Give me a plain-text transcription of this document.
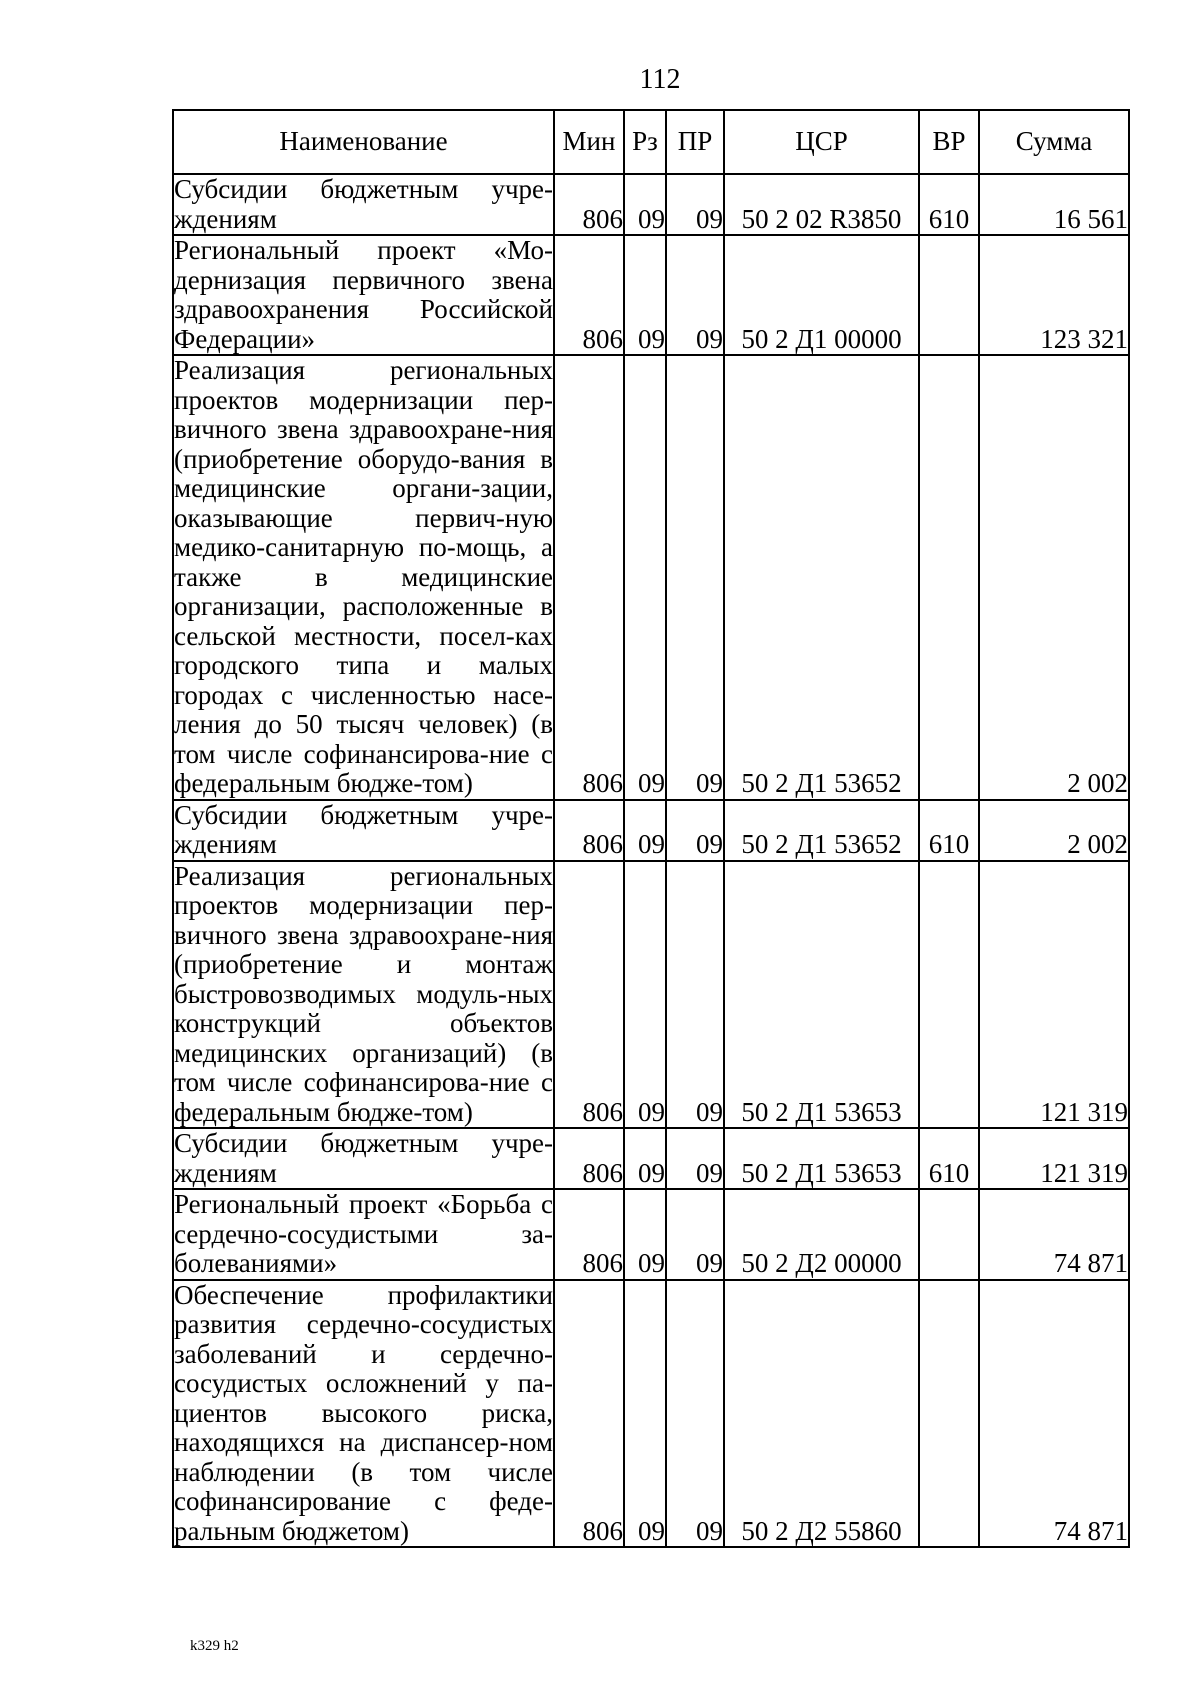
112
Наименование	Мин	Рз	ПР	ЦСР	ВР	Сумма
Субсидии бюджетным учре-ждениям	806	09	09	50 2 02 R3850	610	16 561
Региональный проект «Мо-дернизация первичного звена здравоохранения Российской Федерации»	806	09	09	50 2 Д1 00000		123 321
Реализация региональных проектов модернизации пер-вичного звена здравоохране-ния (приобретение оборудо-вания в медицинские органи-зации, оказывающие первич-ную медико-санитарную по-мощь, а также в медицинские организации, расположенные в сельской местности, посел-ках городского типа и малых городах с численностью насе-ления до 50 тысяч человек) (в том числе софинансирова-ние с федеральным бюдже-том)	806	09	09	50 2 Д1 53652		2 002
Субсидии бюджетным учре-ждениям	806	09	09	50 2 Д1 53652	610	2 002
Реализация региональных проектов модернизации пер-вичного звена здравоохране-ния (приобретение и монтаж быстровозводимых модуль-ных конструкций объектов медицинских организаций) (в том числе софинансирова-ние с федеральным бюдже-том)	806	09	09	50 2 Д1 53653		121 319
Субсидии бюджетным учре-ждениям	806	09	09	50 2 Д1 53653	610	121 319
Региональный проект «Борьба с сердечно-сосудистыми за-болеваниями»	806	09	09	50 2 Д2 00000		74 871
Обеспечение профилактики развития сердечно-сосудистых заболеваний и сердечно-сосудистых осложнений у па-циентов высокого риска, находящихся на диспансер-ном наблюдении (в том числе софинансирование с феде-ральным бюджетом)	806	09	09	50 2 Д2 55860		74 871
k329 h2
